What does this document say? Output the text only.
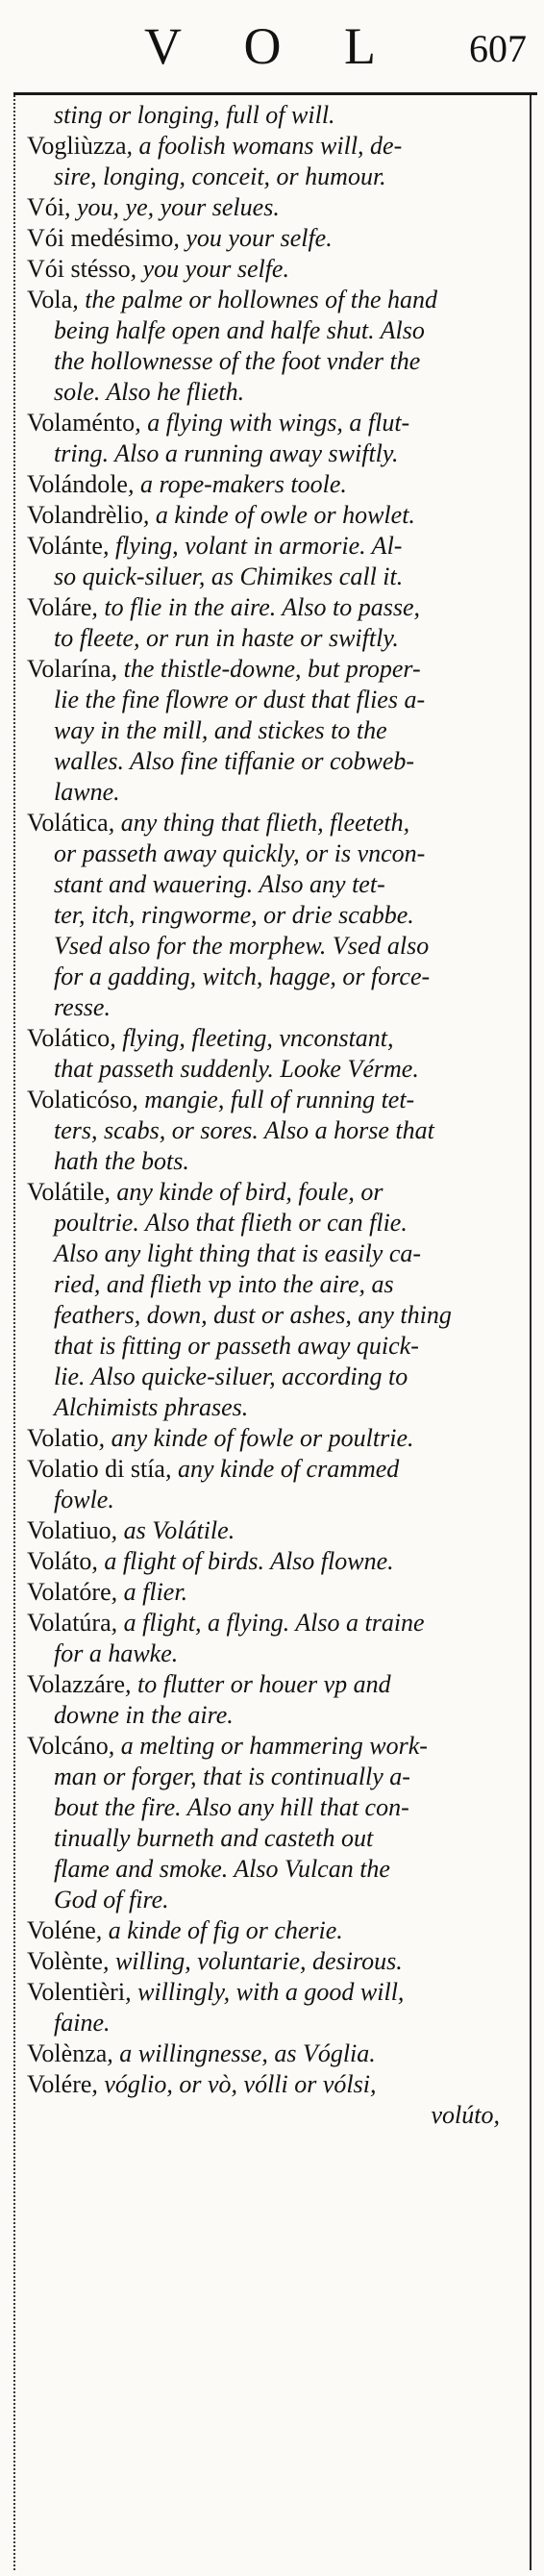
V O L 607
sting or longing, full of will.
Vogliùzza, a foolish womans will, de-
sire, longing, conceit, or humour.
Vói, you, ye, your selues.
Vói medésimo, you your selfe.
Vói stésso, you your selfe.
Vola, the palme or hollownes of the hand
being halfe open and halfe shut. Also
the hollownesse of the foot vnder the
sole. Also he flieth.
Volaménto, a flying with wings, a flut-
tring. Also a running away swiftly.
Volándole, a rope-makers toole.
Volandrèlio, a kinde of owle or howlet.
Volánte, flying, volant in armorie. Al-
so quick-siluer, as Chimikes call it.
Voláre, to flie in the aire. Also to passe,
to fleete, or run in haste or swiftly.
Volarína, the thistle-downe, but proper-
lie the fine flowre or dust that flies a-
way in the mill, and stickes to the
walles. Also fine tiffanie or cobweb-
lawne.
Volática, any thing that flieth, fleeteth,
or passeth away quickly, or is vncon-
stant and wauering. Also any tet-
ter, itch, ringworme, or drie scabbe.
Vsed also for the morphew. Vsed also
for a gadding, witch, hagge, or force-
resse.
Volático, flying, fleeting, vnconstant,
that passeth suddenly. Looke Vérme.
Volaticóso, mangie, full of running tet-
ters, scabs, or sores. Also a horse that
hath the bots.
Volátile, any kinde of bird, foule, or
poultrie. Also that flieth or can flie.
Also any light thing that is easily ca-
ried, and flieth vp into the aire, as
feathers, down, dust or ashes, any thing
that is fitting or passeth away quick-
lie. Also quicke-siluer, according to
Alchimists phrases.
Volatio, any kinde of fowle or poultrie.
Volatio di stía, any kinde of crammed
fowle.
Volatiuo, as Volátile.
Voláto, a flight of birds. Also flowne.
Volatóre, a flier.
Volatúra, a flight, a flying. Also a traine
for a hawke.
Volazzáre, to flutter or houer vp and
downe in the aire.
Volcáno, a melting or hammering work-
man or forger, that is continually a-
bout the fire. Also any hill that con-
tinually burneth and casteth out
flame and smoke. Also Vulcan the
God of fire.
Voléne, a kinde of fig or cherie.
Volènte, willing, voluntarie, desirous.
Volentièri, willingly, with a good will,
faine.
Volènza, a willingnesse, as Vóglia.
Volére, vóglio, or vò, vólli or vólsi,
volúto,
